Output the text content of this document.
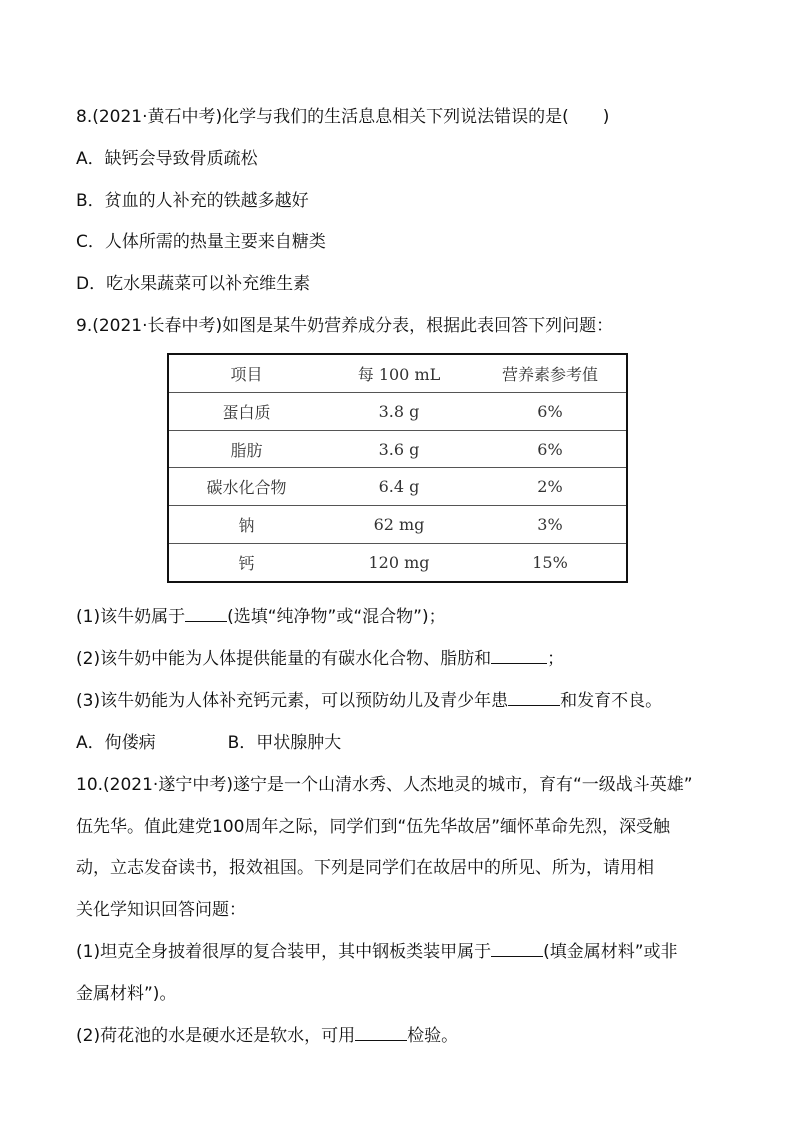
8.(2021·黄石中考)化学与我们的生活息息相关下列说法错误的是( )
A．缺钙会导致骨质疏松
B．贫血的人补充的铁越多越好
C．人体所需的热量主要来自糖类
D．吃水果蔬菜可以补充维生素
9.(2021·长春中考)如图是某牛奶营养成分表，根据此表回答下列问题：
项目	每 100 mL	营养素参考值
蛋白质	3.8 g	6%
脂肪	3.6 g	6%
碳水化合物	6.4 g	2%
钠	62 mg	3%
钙	120 mg	15%
(1)该牛奶属于 (选填“纯净物”或“混合物”)；
(2)该牛奶中能为人体提供能量的有碳水化合物、脂肪和	；
(3)该牛奶能为人体补充钙元素，可以预防幼儿及青少年患	和发育不良。
A．佝偻病	B．甲状腺肿大
10.(2021·遂宁中考)遂宁是一个山清水秀、人杰地灵的城市，育有“一级战斗英雄”
伍先华。值此建党100周年之际，同学们到“伍先华故居”缅怀革命先烈，深受触
动，立志发奋读书，报效祖国。下列是同学们在故居中的所见、所为，请用相
关化学知识回答问题：
(1)坦克全身披着很厚的复合装甲，其中钢板类装甲属于	(填金属材料”或非
金属材料”)。
(2)荷花池的水是硬水还是软水，可用	检验。
